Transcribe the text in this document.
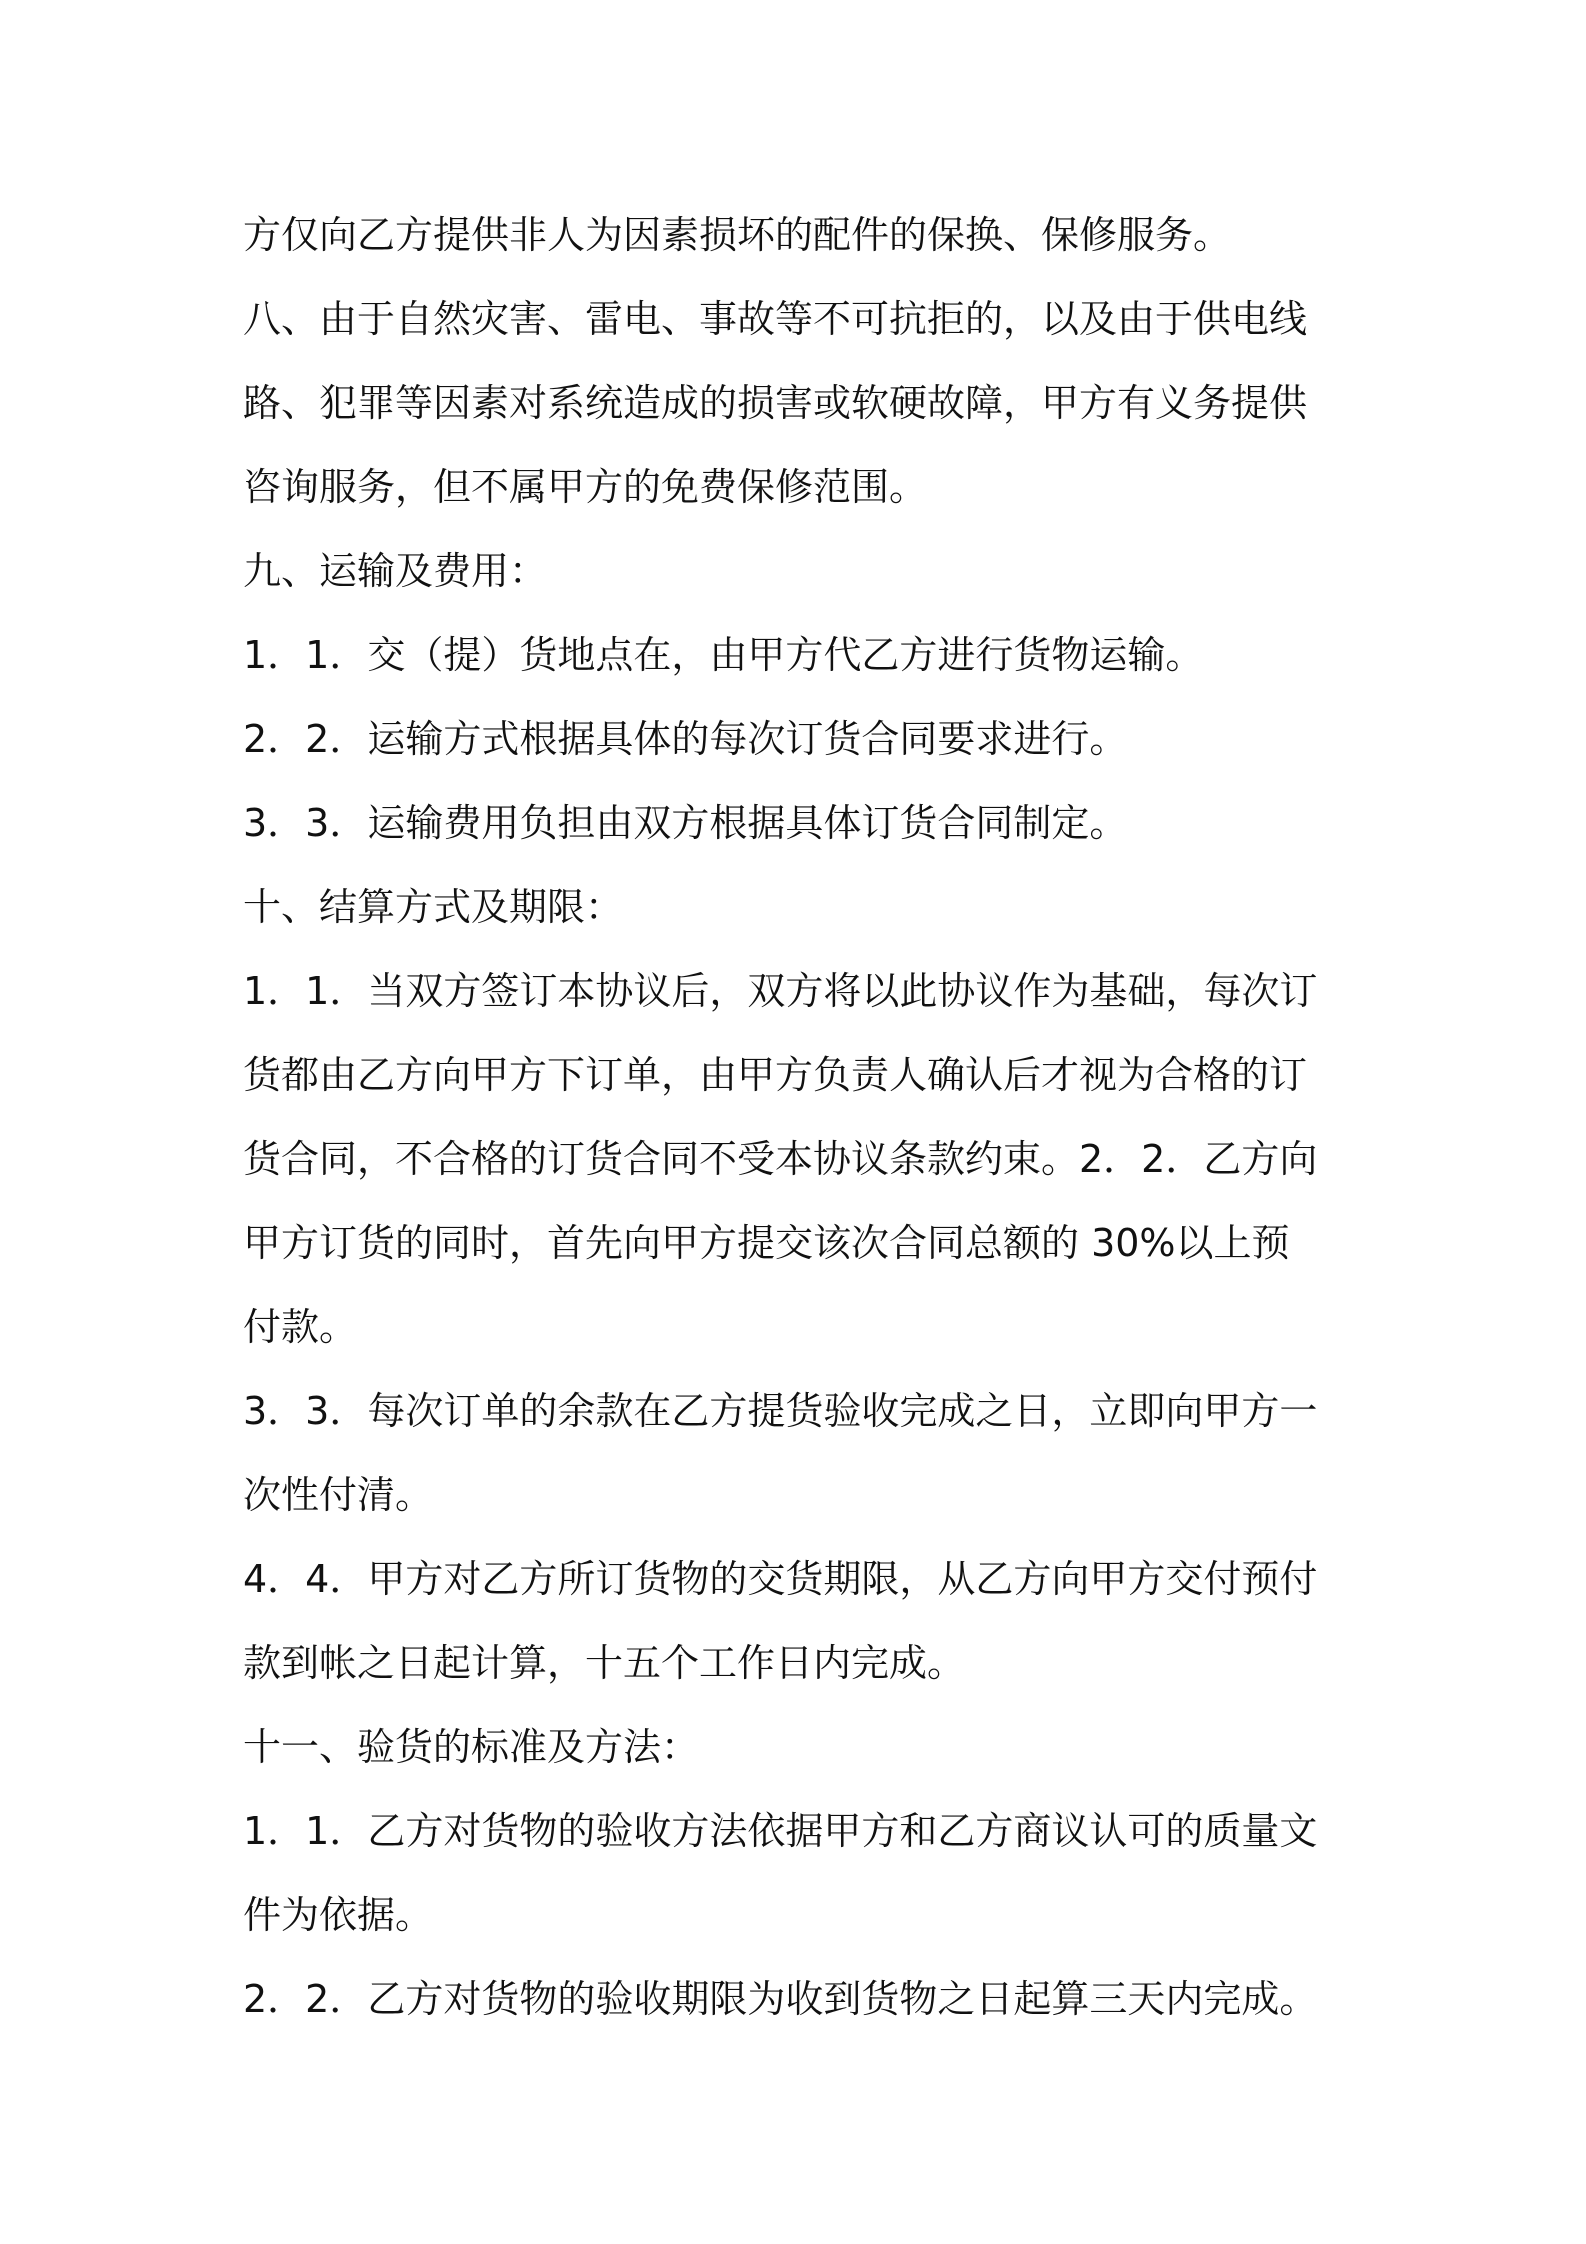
方仅向乙方提供非人为因素损坏的配件的保换、保修服务。
八、由于自然灾害、雷电、事故等不可抗拒的，以及由于供电线
路、犯罪等因素对系统造成的损害或软硬故障，甲方有义务提供
咨询服务，但不属甲方的免费保修范围。
九、运输及费用：
1．1．交（提）货地点在，由甲方代乙方进行货物运输。
2．2．运输方式根据具体的每次订货合同要求进行。
3．3．运输费用负担由双方根据具体订货合同制定。
十、结算方式及期限：
1．1．当双方签订本协议后，双方将以此协议作为基础，每次订
货都由乙方向甲方下订单，由甲方负责人确认后才视为合格的订
货合同，不合格的订货合同不受本协议条款约束。2．2．乙方向
甲方订货的同时，首先向甲方提交该次合同总额的 30%以上预
付款。
3．3．每次订单的余款在乙方提货验收完成之日，立即向甲方一
次性付清。
4．4．甲方对乙方所订货物的交货期限，从乙方向甲方交付预付
款到帐之日起计算，十五个工作日内完成。
十一、验货的标准及方法：
1．1．乙方对货物的验收方法依据甲方和乙方商议认可的质量文
件为依据。
2．2．乙方对货物的验收期限为收到货物之日起算三天内完成。
